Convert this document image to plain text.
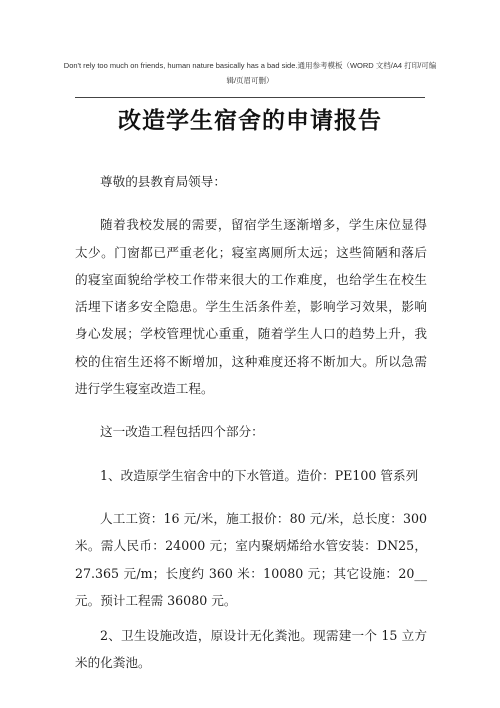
Don't rely too much on friends, human nature basically has a bad side.通用参考模板（WORD 文档/A4 打印/可编辑/页眉可删）
改造学生宿舍的申请报告

尊敬的县教育局领导：

随着我校发展的需要，留宿学生逐渐增多，学生床位显得太少。门窗都已严重老化；寝室离厕所太远；这些简陋和落后的寝室面貌给学校工作带来很大的工作难度，也给学生在校生活埋下诸多安全隐患。学生生活条件差，影响学习效果，影响身心发展；学校管理忧心重重，随着学生人口的趋势上升，我校的住宿生还将不断增加，这种难度还将不断加大。所以急需进行学生寝室改造工程。

这一改造工程包括四个部分：

1、改造原学生宿舍中的下水管道。造价：PE100 管系列

人工工资：16 元/米，施工报价：80 元/米，总长度：300 米。需人民币：24000 元；室内聚炳烯给水管安装：DN25，27.365 元/m；长度约 360 米：10080 元；其它设施：20__元。预计工程需 36080 元。

2、卫生设施改造，原设计无化粪池。现需建一个 15 立方米的化粪池。
